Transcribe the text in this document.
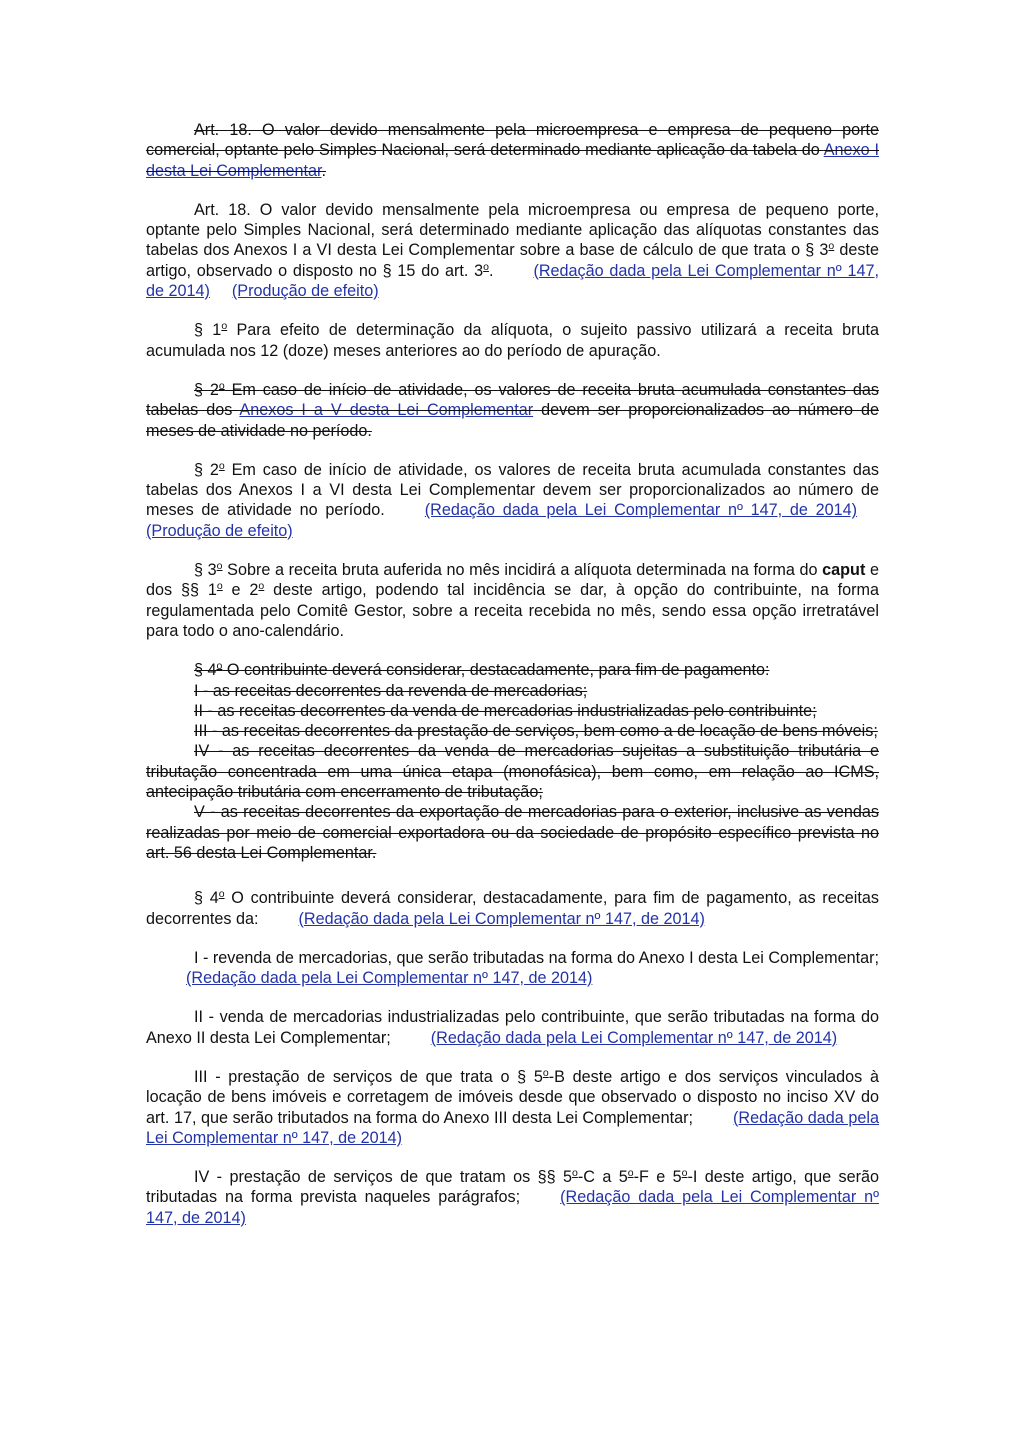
Art. 18. O valor devido mensalmente pela microempresa e empresa de pequeno porte comercial, optante pelo Simples Nacional, será determinado mediante aplicação da tabela do Anexo I desta Lei Complementar.

Art. 18. O valor devido mensalmente pela microempresa ou empresa de pequeno porte, optante pelo Simples Nacional, será determinado mediante aplicação das alíquotas constantes das tabelas dos Anexos I a VI desta Lei Complementar sobre a base de cálculo de que trata o § 3$^o$ deste artigo, observado o disposto no § 15 do art. 3$^o$. (Redação dada pela Lei Complementar nº 147, de 2014) (Produção de efeito)

§ 1$^o$ Para efeito de determinação da alíquota, o sujeito passivo utilizará a receita bruta acumulada nos 12 (doze) meses anteriores ao do período de apuração.

§ 2$^o$ Em caso de início de atividade, os valores de receita bruta acumulada constantes das tabelas dos Anexos I a V desta Lei Complementar devem ser proporcionalizados ao número de meses de atividade no período.

§ 2$^o$ Em caso de início de atividade, os valores de receita bruta acumulada constantes das tabelas dos Anexos I a VI desta Lei Complementar devem ser proporcionalizados ao número de meses de atividade no período. (Redação dada pela Lei Complementar nº 147, de 2014)(Produção de efeito)

§ 3$^o$ Sobre a receita bruta auferida no mês incidirá a alíquota determinada na forma do caput e dos §§ 1$^o$ e 2$^o$ deste artigo, podendo tal incidência se dar, à opção do contribuinte, na forma regulamentada pelo Comitê Gestor, sobre a receita recebida no mês, sendo essa opção irretratável para todo o ano-calendário.

§ 4$^o$ O contribuinte deverá considerar, destacadamente, para fim de pagamento:
I - as receitas decorrentes da revenda de mercadorias;
II - as receitas decorrentes da venda de mercadorias industrializadas pelo contribuinte;
III - as receitas decorrentes da prestação de serviços, bem como a de locação de bens móveis;
IV - as receitas decorrentes da venda de mercadorias sujeitas a substituição tributária e tributação concentrada em uma única etapa (monofásica), bem como, em relação ao ICMS, antecipação tributária com encerramento de tributação;
V - as receitas decorrentes da exportação de mercadorias para o exterior, inclusive as vendas realizadas por meio de comercial exportadora ou da sociedade de propósito específico prevista no art. 56 desta Lei Complementar.

§ 4$^o$ O contribuinte deverá considerar, destacadamente, para fim de pagamento, as receitas decorrentes da: (Redação dada pela Lei Complementar nº 147, de 2014)

I - revenda de mercadorias, que serão tributadas na forma do Anexo I desta Lei Complementar;(Redação dada pela Lei Complementar nº 147, de 2014)

II - venda de mercadorias industrializadas pelo contribuinte, que serão tributadas na forma do Anexo II desta Lei Complementar; (Redação dada pela Lei Complementar nº 147, de 2014)

III - prestação de serviços de que trata o § 5$^o$-B deste artigo e dos serviços vinculados à locação de bens imóveis e corretagem de imóveis desde que observado o disposto no inciso XV do art. 17, que serão tributados na forma do Anexo III desta Lei Complementar; (Redação dada pela Lei Complementar nº 147, de 2014)

IV - prestação de serviços de que tratam os §§ 5$^o$-C a 5$^o$-F e 5$^o$-I deste artigo, que serão tributadas na forma prevista naqueles parágrafos; (Redação dada pela Lei Complementar nº 147, de 2014)
